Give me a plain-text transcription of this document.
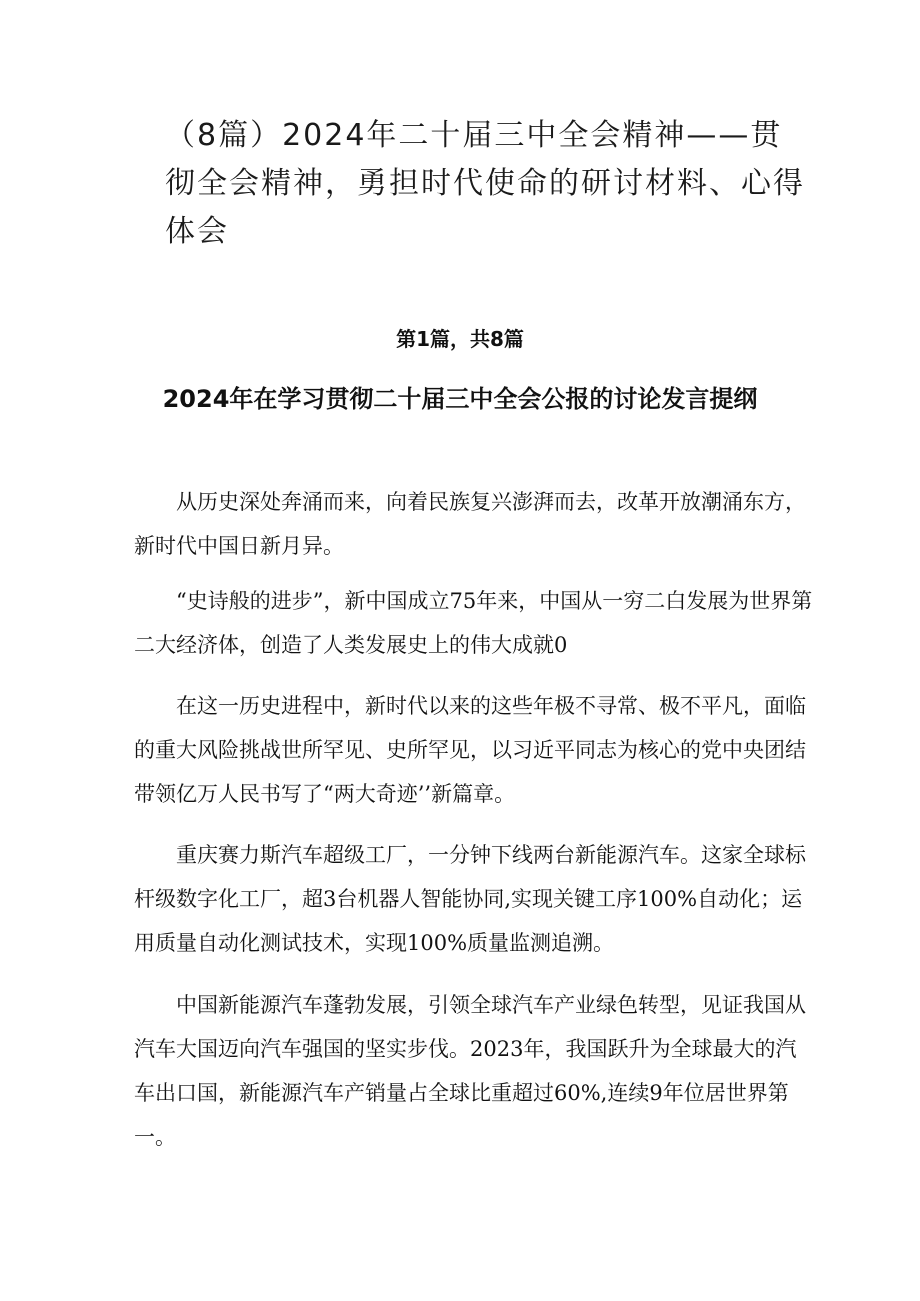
（8篇）2024年二十届三中全会精神——贯彻全会精神，勇担时代使命的研讨材料、心得体会
第1篇，共8篇
2024年在学习贯彻二十届三中全会公报的讨论发言提纲

从历史深处奔涌而来，向着民族复兴澎湃而去，改革开放潮涌东方，新时代中国日新月异。

“史诗般的进步”，新中国成立75年来，中国从一穷二白发展为世界第二大经济体，创造了人类发展史上的伟大成就0

在这一历史进程中，新时代以来的这些年极不寻常、极不平凡，面临的重大风险挑战世所罕见、史所罕见，以习近平同志为核心的党中央团结带领亿万人民书写了“两大奇迹’’新篇章。

重庆赛力斯汽车超级工厂，一分钟下线两台新能源汽车。这家全球标杆级数字化工厂，超3台机器人智能协同,实现关键工序100%自动化；运用质量自动化测试技术，实现100%质量监测追溯。

中国新能源汽车蓬勃发展，引领全球汽车产业绿色转型，见证我国从汽车大国迈向汽车强国的坚实步伐。2023年，我国跃升为全球最大的汽车出口国，新能源汽车产销量占全球比重超过60%,连续9年位居世界第一。
